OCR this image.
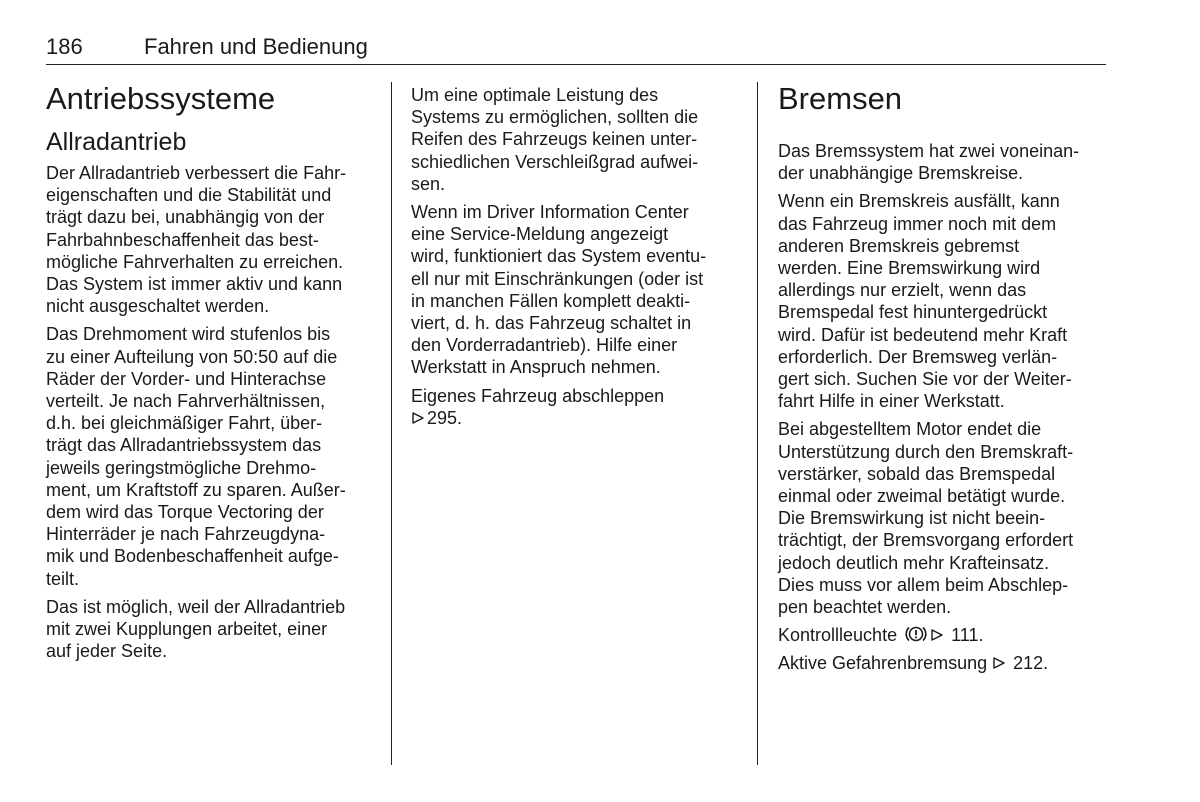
186	Fahren und Bedienung
Antriebssysteme
Allradantrieb

Der Allradantrieb verbessert die Fahr-
eigenschaften und die Stabilität und
trägt dazu bei, unabhängig von der
Fahrbahnbeschaffenheit das best-
mögliche Fahrverhalten zu erreichen.
Das System ist immer aktiv und kann
nicht ausgeschaltet werden.

Das Drehmoment wird stufenlos bis
zu einer Aufteilung von 50:50 auf die
Räder der Vorder- und Hinterachse
verteilt. Je nach Fahrverhältnissen,
d.h. bei gleichmäßiger Fahrt, über-
trägt das Allradantriebssystem das
jeweils geringstmögliche Drehmo-
ment, um Kraftstoff zu sparen. Außer-
dem wird das Torque Vectoring der
Hinterräder je nach Fahrzeugdyna-
mik und Bodenbeschaffenheit aufge-
teilt.

Das ist möglich, weil der Allradantrieb
mit zwei Kupplungen arbeitet, einer
auf jeder Seite.

Um eine optimale Leistung des
Systems zu ermöglichen, sollten die
Reifen des Fahrzeugs keinen unter-
schiedlichen Verschleißgrad aufwei-
sen.

Wenn im Driver Information Center
eine Service-Meldung angezeigt
wird, funktioniert das System eventu-
ell nur mit Einschränkungen (oder ist
in manchen Fällen komplett deakti-
viert, d. h. das Fahrzeug schaltet in
den Vorderradantrieb). Hilfe einer
Werkstatt in Anspruch nehmen.

Eigenes Fahrzeug abschleppen

295.

Bremsen

Das Bremssystem hat zwei voneinan-
der unabhängige Bremskreise.

Wenn ein Bremskreis ausfällt, kann
das Fahrzeug immer noch mit dem
anderen Bremskreis gebremst
werden. Eine Bremswirkung wird
allerdings nur erzielt, wenn das
Bremspedal fest hinuntergedrückt
wird. Dafür ist bedeutend mehr Kraft
erforderlich. Der Bremsweg verlän-
gert sich. Suchen Sie vor der Weiter-
fahrt Hilfe in einer Werkstatt.

Bei abgestelltem Motor endet die
Unterstützung durch den Bremskraft-
verstärker, sobald das Bremspedal
einmal oder zweimal betätigt wurde.
Die Bremswirkung ist nicht beein-
trächtigt, der Bremsvorgang erfordert
jedoch deutlich mehr Krafteinsatz.
Dies muss vor allem beim Abschlep-
pen beachtet werden.

Kontrollleuchte	111.

Aktive Gefahrenbremsung 212.
